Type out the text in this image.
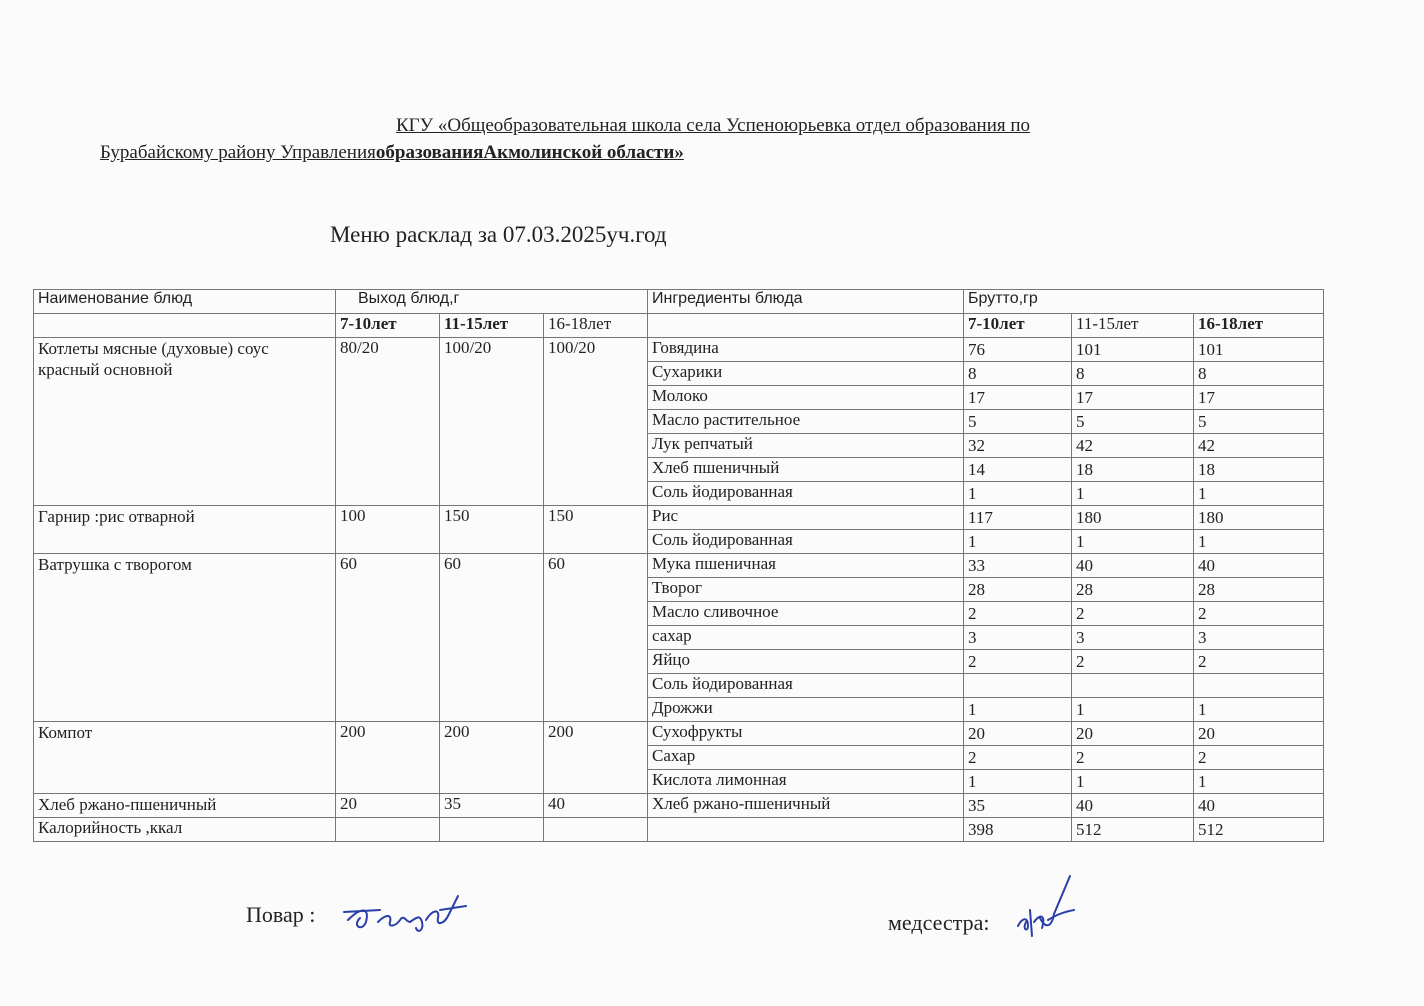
КГУ «Общеобразовательная школа села Успеноюрьевка отдел образования по
Бурабайскому району УправленияобразованияАкмолинской области»
Меню расклад за 07.03.2025уч.год
Наименование блюд	Выход блюд,г			Ингредиенты блюда	Брутто,гр		
	7-10лет	11-15лет	16-18лет		7-10лет	11-15лет	16-18лет
Котлеты мясные (духовые) соус красный основной	80/20	100/20	100/20	Говядина	76	101	101
				Сухарики	8	8	8
				Молоко	17	17	17
				Масло растительное	5	5	5
				Лук репчатый	32	42	42
				Хлеб пшеничный	14	18	18
				Соль йодированная	1	1	1
Гарнир :рис отварной	100	150	150	Рис	117	180	180
				Соль йодированная	1	1	1
Ватрушка с творогом	60	60	60	Мука пшеничная	33	40	40
				Творог	28	28	28
				Масло сливочное	2	2	2
				сахар	3	3	3
				Яйцо	2	2	2
				Соль йодированная			
				Дрожжи	1	1	1
Компот	200	200	200	Сухофрукты	20	20	20
				Сахар	2	2	2
				Кислота лимонная	1	1	1
Хлеб ржано-пшеничный	20	35	40	Хлеб ржано-пшеничный	35	40	40
Калорийность ,ккал					398	512	512
Повар :	медсестра:
